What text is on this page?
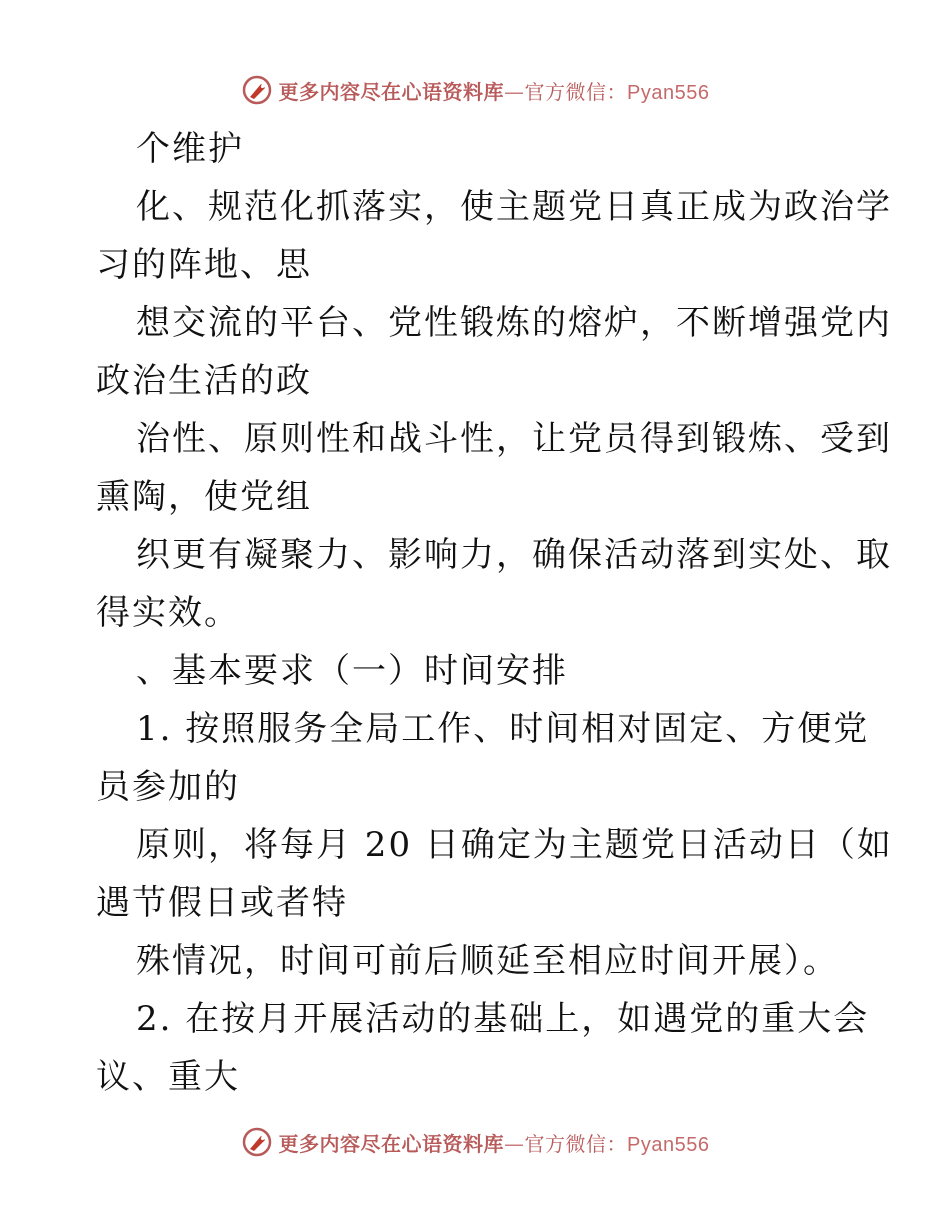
更多内容尽在心语资料库—官方微信：Pyan556
个维护
化、规范化抓落实，使主题党日真正成为政治学
习的阵地、思
想交流的平台、党性锻炼的熔炉，不断增强党内
政治生活的政
治性、原则性和战斗性，让党员得到锻炼、受到
熏陶，使党组
织更有凝聚力、影响力，确保活动落到实处、取
得实效。
、基本要求（一）时间安排
1. 按照服务全局工作、时间相对固定、方便党
员参加的
原则，将每月 20 日确定为主题党日活动日（如
遇节假日或者特
殊情况，时间可前后顺延至相应时间开展）。
2. 在按月开展活动的基础上，如遇党的重大会
议、重大
更多内容尽在心语资料库—官方微信：Pyan556
